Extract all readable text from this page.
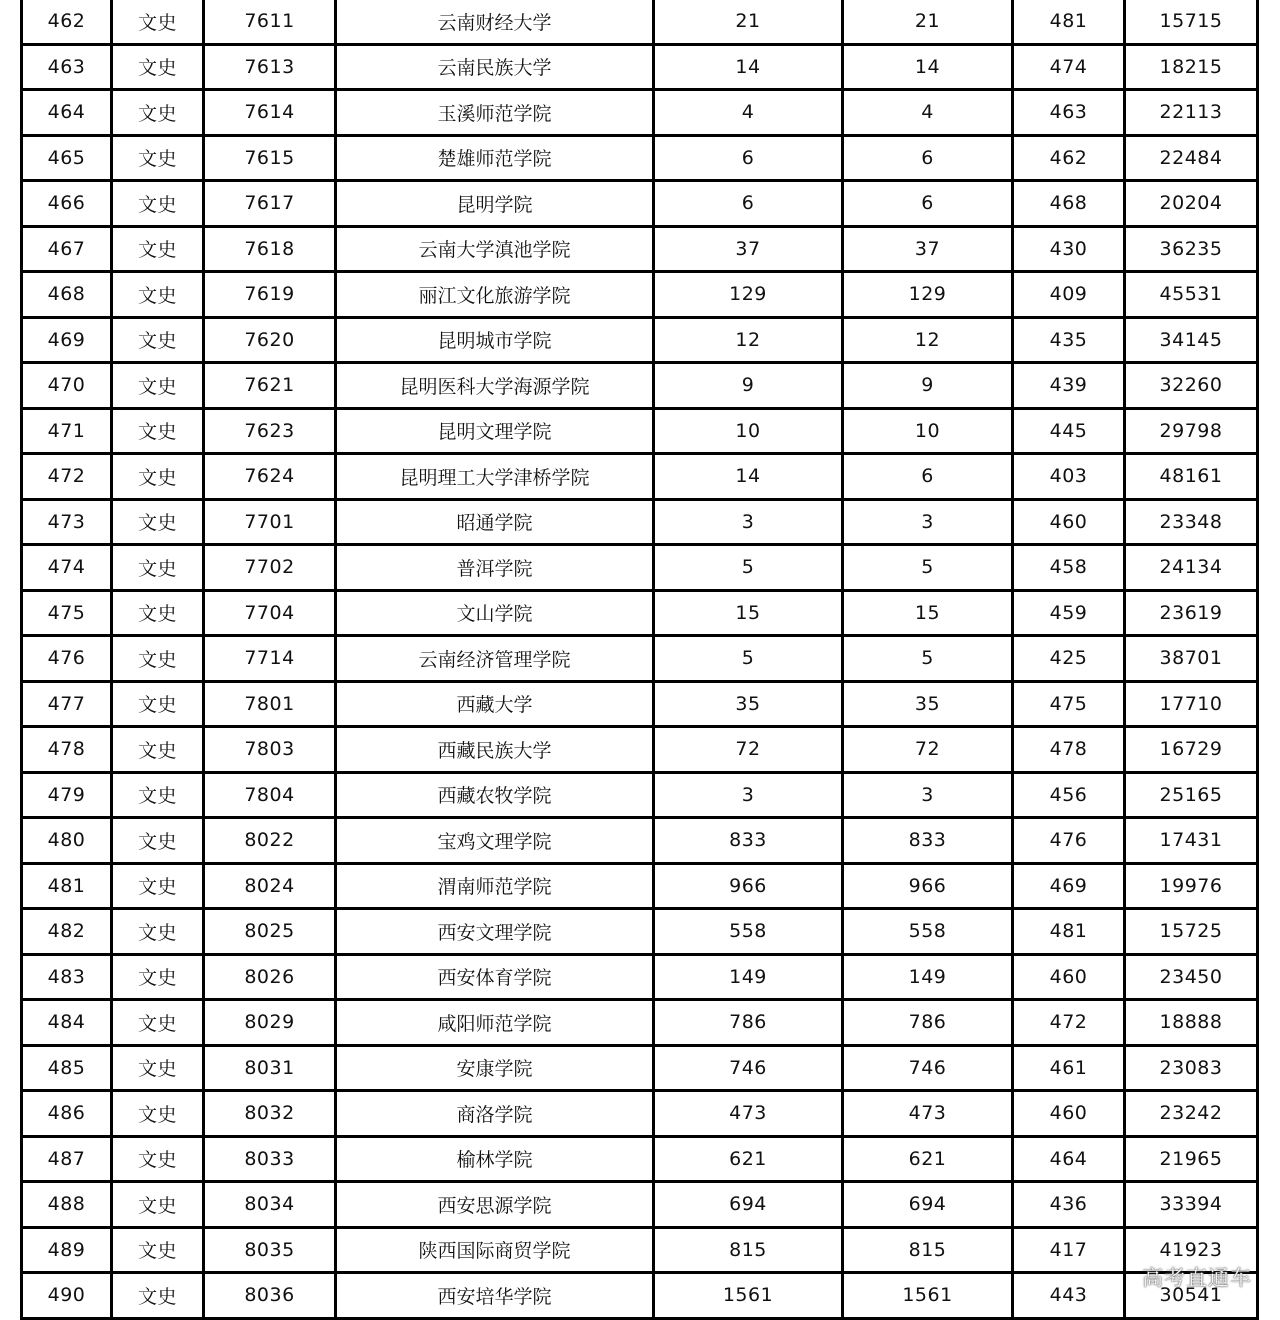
462	文史	7611	云南财经大学	21	21	481	15715
463	文史	7613	云南民族大学	14	14	474	18215
464	文史	7614	玉溪师范学院	4	4	463	22113
465	文史	7615	楚雄师范学院	6	6	462	22484
466	文史	7617	昆明学院	6	6	468	20204
467	文史	7618	云南大学滇池学院	37	37	430	36235
468	文史	7619	丽江文化旅游学院	129	129	409	45531
469	文史	7620	昆明城市学院	12	12	435	34145
470	文史	7621	昆明医科大学海源学院	9	9	439	32260
471	文史	7623	昆明文理学院	10	10	445	29798
472	文史	7624	昆明理工大学津桥学院	14	6	403	48161
473	文史	7701	昭通学院	3	3	460	23348
474	文史	7702	普洱学院	5	5	458	24134
475	文史	7704	文山学院	15	15	459	23619
476	文史	7714	云南经济管理学院	5	5	425	38701
477	文史	7801	西藏大学	35	35	475	17710
478	文史	7803	西藏民族大学	72	72	478	16729
479	文史	7804	西藏农牧学院	3	3	456	25165
480	文史	8022	宝鸡文理学院	833	833	476	17431
481	文史	8024	渭南师范学院	966	966	469	19976
482	文史	8025	西安文理学院	558	558	481	15725
483	文史	8026	西安体育学院	149	149	460	23450
484	文史	8029	咸阳师范学院	786	786	472	18888
485	文史	8031	安康学院	746	746	461	23083
486	文史	8032	商洛学院	473	473	460	23242
487	文史	8033	榆林学院	621	621	464	21965
488	文史	8034	西安思源学院	694	694	436	33394
489	文史	8035	陕西国际商贸学院	815	815	417	41923
490	文史	8036	西安培华学院	1561	1561	443	30541
高考直通车
